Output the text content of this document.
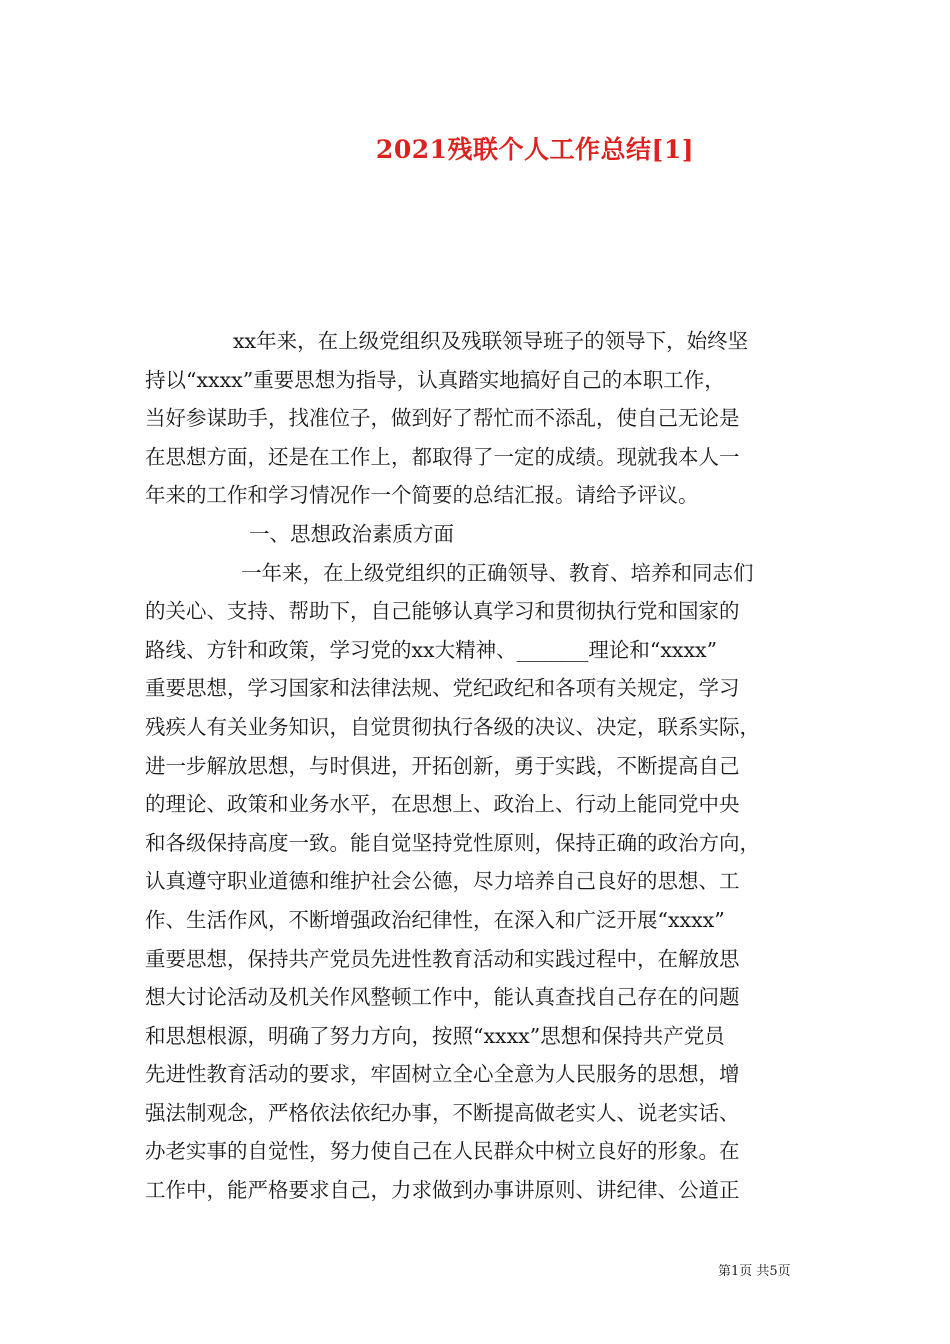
2021残联个人工作总结[1]
xx年来，在上级党组织及残联领导班子的领导下，始终坚
持以“xxxx”重要思想为指导，认真踏实地搞好自己的本职工作，
当好参谋助手，找准位子，做到好了帮忙而不添乱，使自己无论是
在思想方面，还是在工作上，都取得了一定的成绩。现就我本人一
年来的工作和学习情况作一个简要的总结汇报。请给予评议。
一、思想政治素质方面
一年来，在上级党组织的正确领导、教育、培养和同志们
的关心、支持、帮助下，自己能够认真学习和贯彻执行党和国家的
路线、方针和政策，学习党的xx大精神、_______理论和“xxxx”
重要思想，学习国家和法律法规、党纪政纪和各项有关规定，学习
残疾人有关业务知识，自觉贯彻执行各级的决议、决定，联系实际，
进一步解放思想，与时俱进，开拓创新，勇于实践，不断提高自己
的理论、政策和业务水平，在思想上、政治上、行动上能同党中央
和各级保持高度一致。能自觉坚持党性原则，保持正确的政治方向，
认真遵守职业道德和维护社会公德，尽力培养自己良好的思想、工
作、生活作风，不断增强政治纪律性，在深入和广泛开展“xxxx”
重要思想，保持共产党员先进性教育活动和实践过程中，在解放思
想大讨论活动及机关作风整顿工作中，能认真查找自己存在的问题
和思想根源，明确了努力方向，按照“xxxx”思想和保持共产党员
先进性教育活动的要求，牢固树立全心全意为人民服务的思想，增
强法制观念，严格依法依纪办事，不断提高做老实人、说老实话、
办老实事的自觉性，努力使自己在人民群众中树立良好的形象。在
工作中，能严格要求自己，力求做到办事讲原则、讲纪律、公道正
第1页 共5页
